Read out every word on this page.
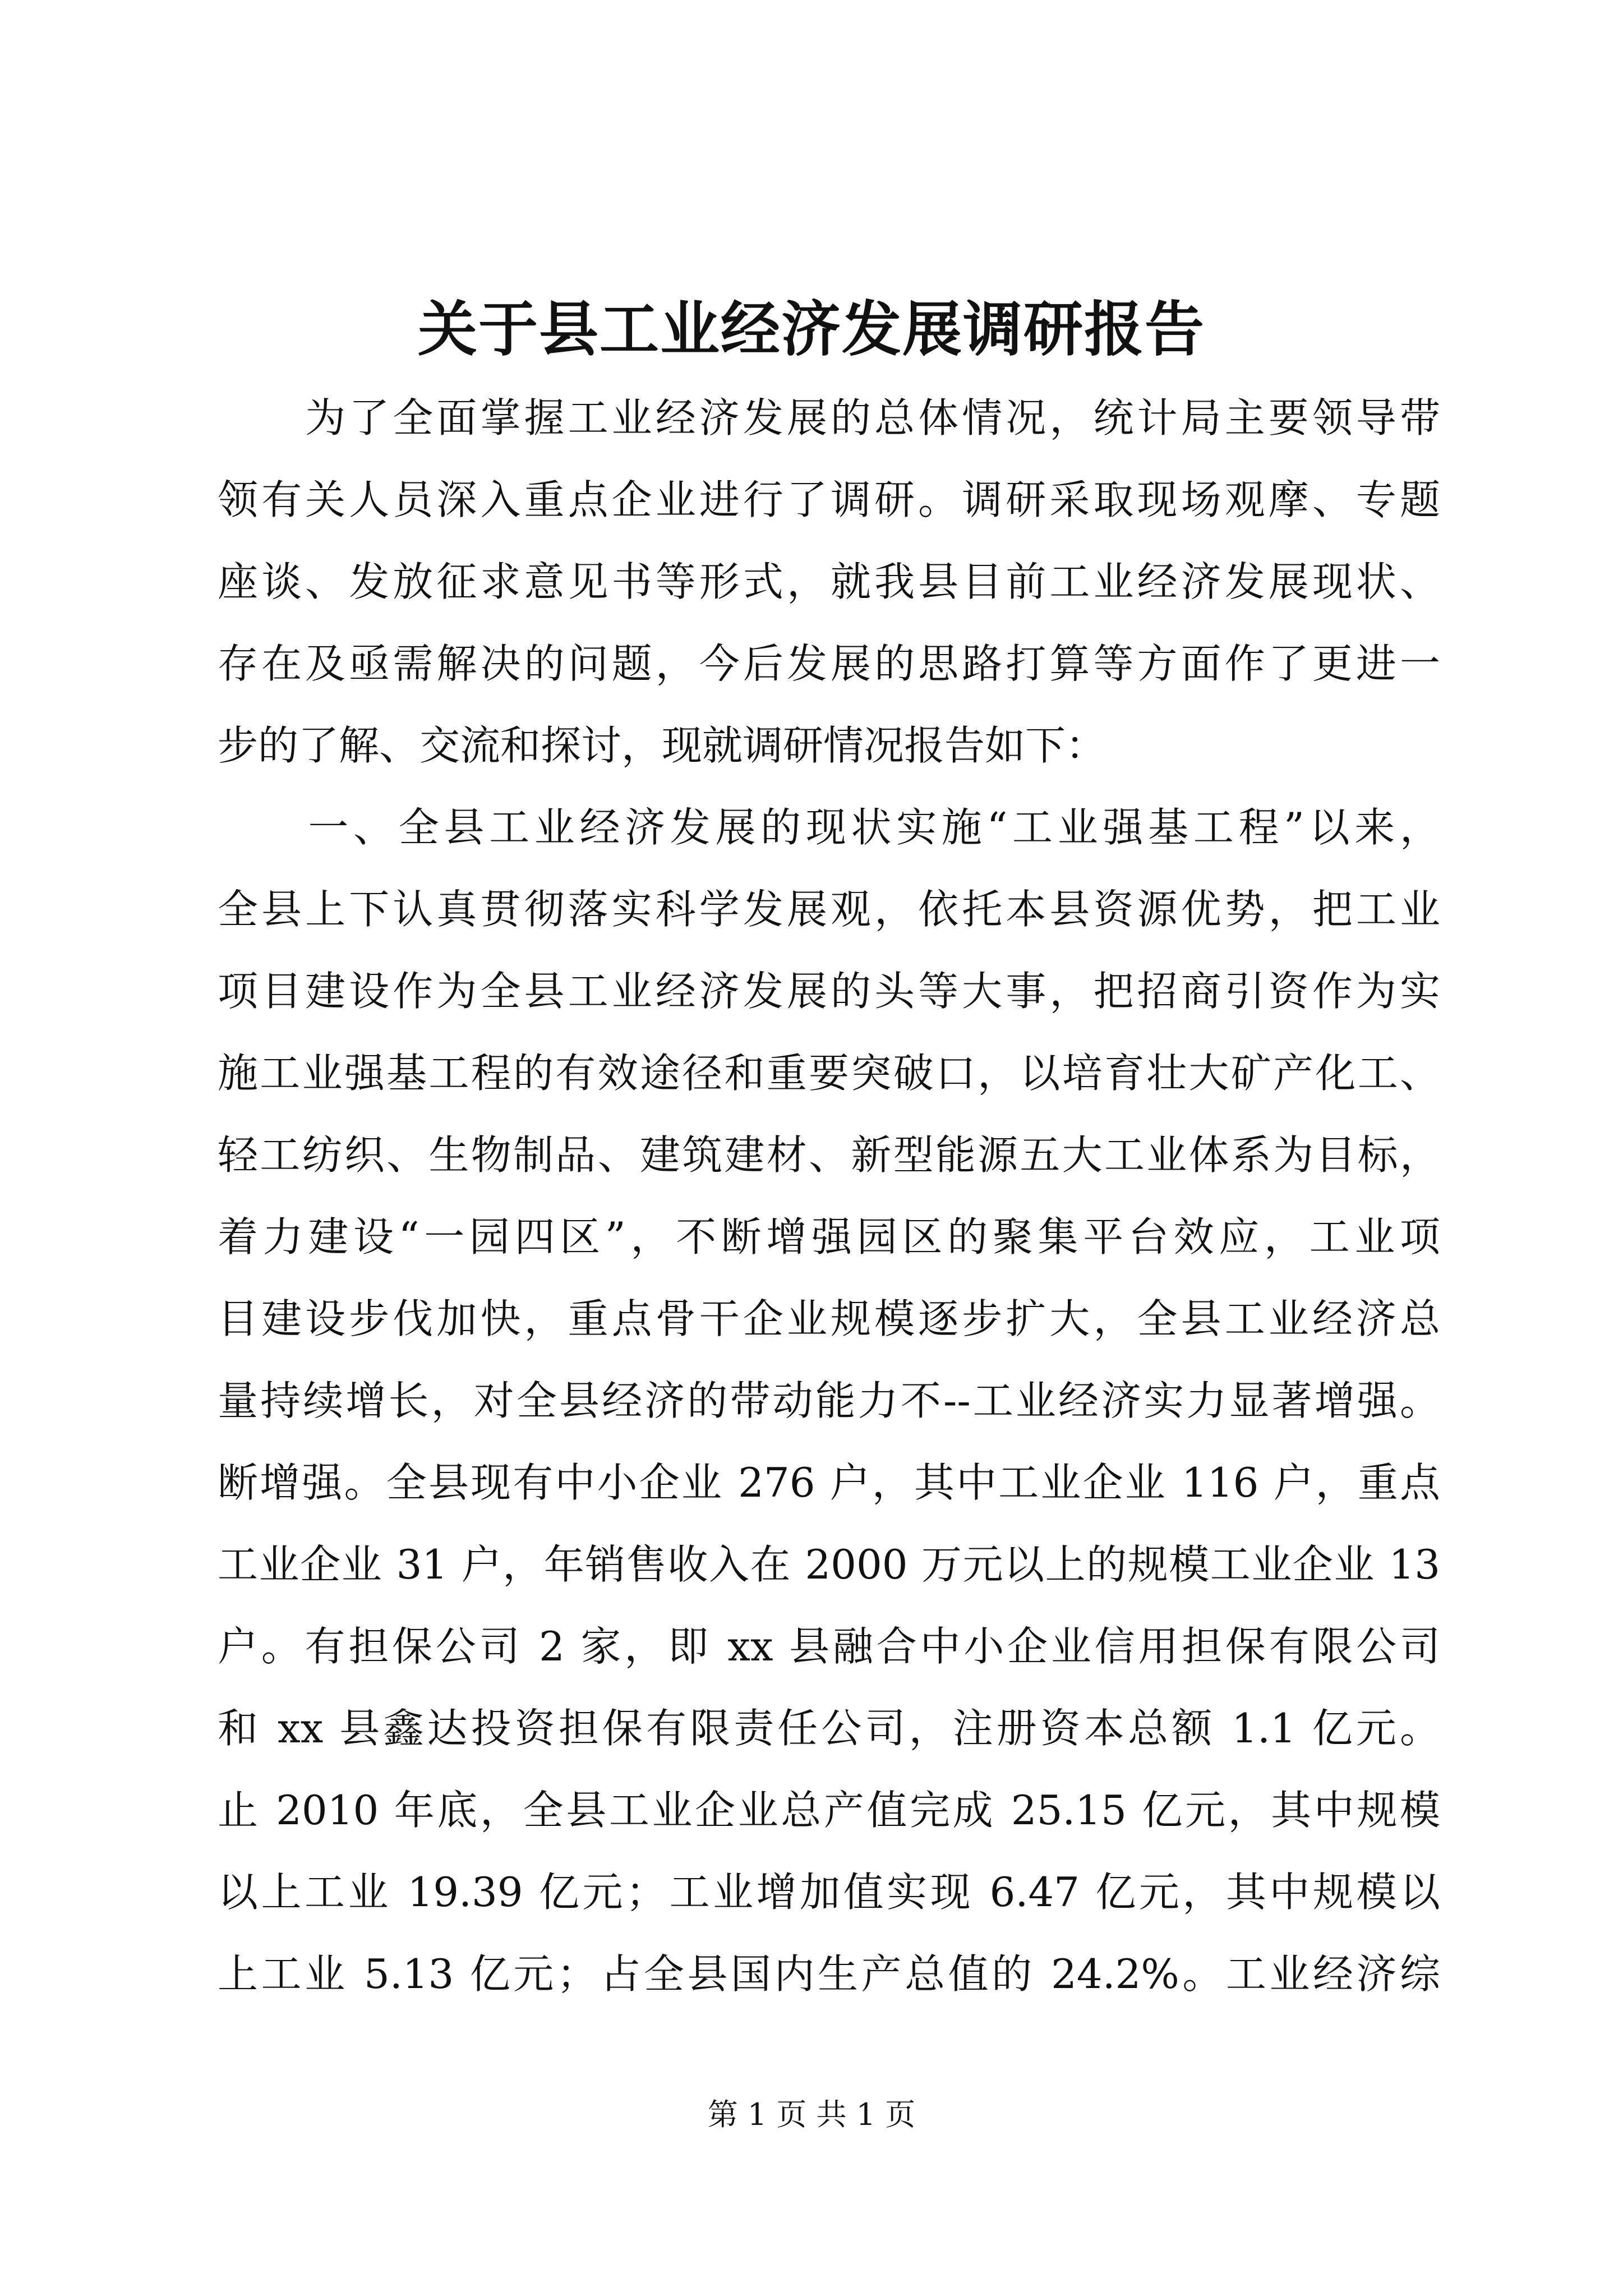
关于县工业经济发展调研报告

　　为了全面掌握工业经济发展的总体情况，统计局主要领导带

领有关人员深入重点企业进行了调研。调研采取现场观摩、专题

座谈、发放征求意见书等形式，就我县目前工业经济发展现状、

存在及亟需解决的问题，今后发展的思路打算等方面作了更进一

步的了解、交流和探讨，现就调研情况报告如下：

　　一、全县工业经济发展的现状实施“工业强基工程”以来，

全县上下认真贯彻落实科学发展观，依托本县资源优势，把工业

项目建设作为全县工业经济发展的头等大事，把招商引资作为实

施工业强基工程的有效途径和重要突破口，以培育壮大矿产化工、

轻工纺织、生物制品、建筑建材、新型能源五大工业体系为目标，

着力建设“一园四区”，不断增强园区的聚集平台效应，工业项

目建设步伐加快，重点骨干企业规模逐步扩大，全县工业经济总

量持续增长，对全县经济的带动能力不--工业经济实力显著增强。

断增强。全县现有中小企业 276 户，其中工业企业 116 户，重点

工业企业 31 户，年销售收入在 2000 万元以上的规模工业企业 13

户。有担保公司 2 家，即 xx 县融合中小企业信用担保有限公司

和 xx 县鑫达投资担保有限责任公司，注册资本总额 1.1 亿元。

止 2010 年底，全县工业企业总产值完成 25.15 亿元，其中规模

以上工业 19.39 亿元；工业增加值实现 6.47 亿元，其中规模以

上工业 5.13 亿元；占全县国内生产总值的 24.2%。工业经济综

第 1 页 共 1 页
